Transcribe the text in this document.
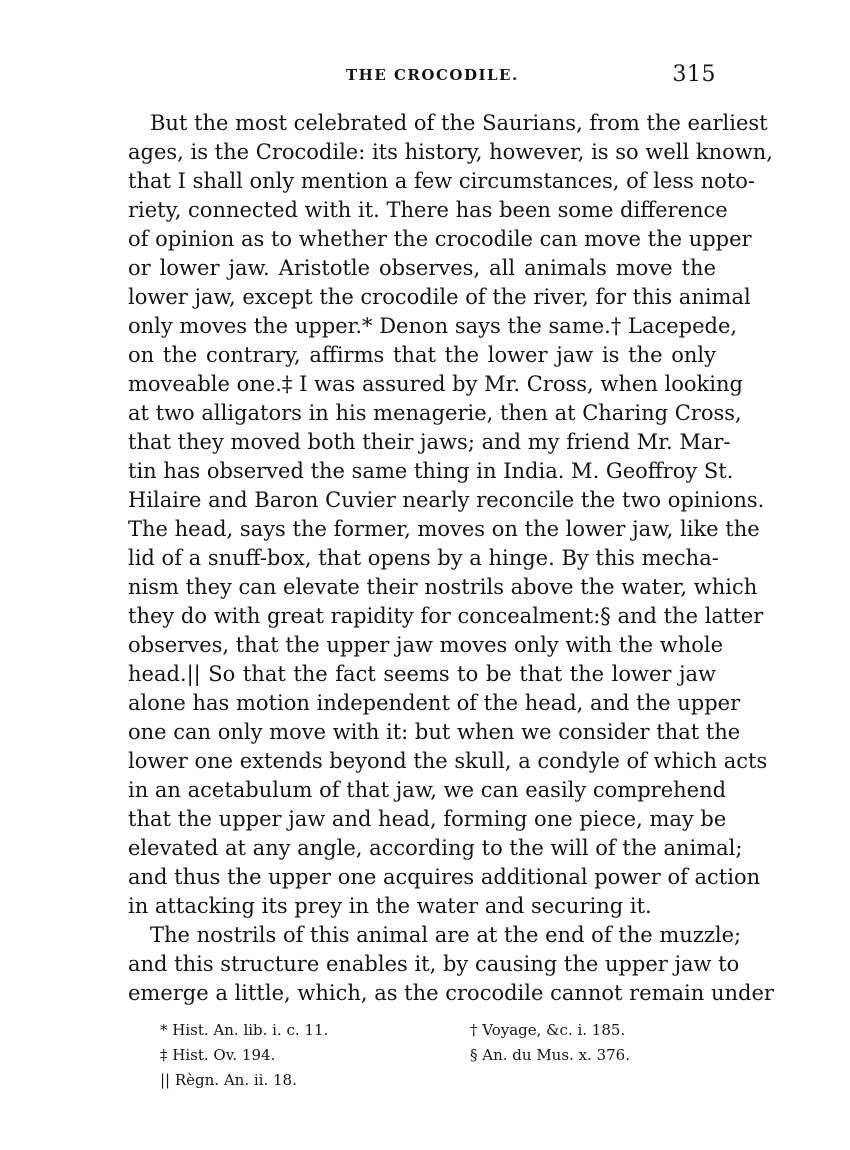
THE CROCODILE.	315
But the most celebrated of the Saurians, from the earliest
ages, is the Crocodile: its history, however, is so well known,
that I shall only mention a few circumstances, of less noto-
riety, connected with it. There has been some difference
of opinion as to whether the crocodile can move the upper
or lower jaw. Aristotle observes, all animals move the
lower jaw, except the crocodile of the river, for this animal
only moves the upper.* Denon says the same.† Lacepede,
on the contrary, affirms that the lower jaw is the only
moveable one.‡ I was assured by Mr. Cross, when looking
at two alligators in his menagerie, then at Charing Cross,
that they moved both their jaws; and my friend Mr. Mar-
tin has observed the same thing in India. M. Geoffroy St.
Hilaire and Baron Cuvier nearly reconcile the two opinions.
The head, says the former, moves on the lower jaw, like the
lid of a snuff-box, that opens by a hinge. By this mecha-
nism they can elevate their nostrils above the water, which
they do with great rapidity for concealment:§ and the latter
observes, that the upper jaw moves only with the whole
head.|| So that the fact seems to be that the lower jaw
alone has motion independent of the head, and the upper
one can only move with it: but when we consider that the
lower one extends beyond the skull, a condyle of which acts
in an acetabulum of that jaw, we can easily comprehend
that the upper jaw and head, forming one piece, may be
elevated at any angle, according to the will of the animal;
and thus the upper one acquires additional power of action
in attacking its prey in the water and securing it.
The nostrils of this animal are at the end of the muzzle;
and this structure enables it, by causing the upper jaw to
emerge a little, which, as the crocodile cannot remain under
* Hist. An. lib. i. c. 11.	† Voyage, &c. i. 185.
‡ Hist. Ov. 194.	§ An. du Mus. x. 376.
|| Règn. An. ii. 18.
